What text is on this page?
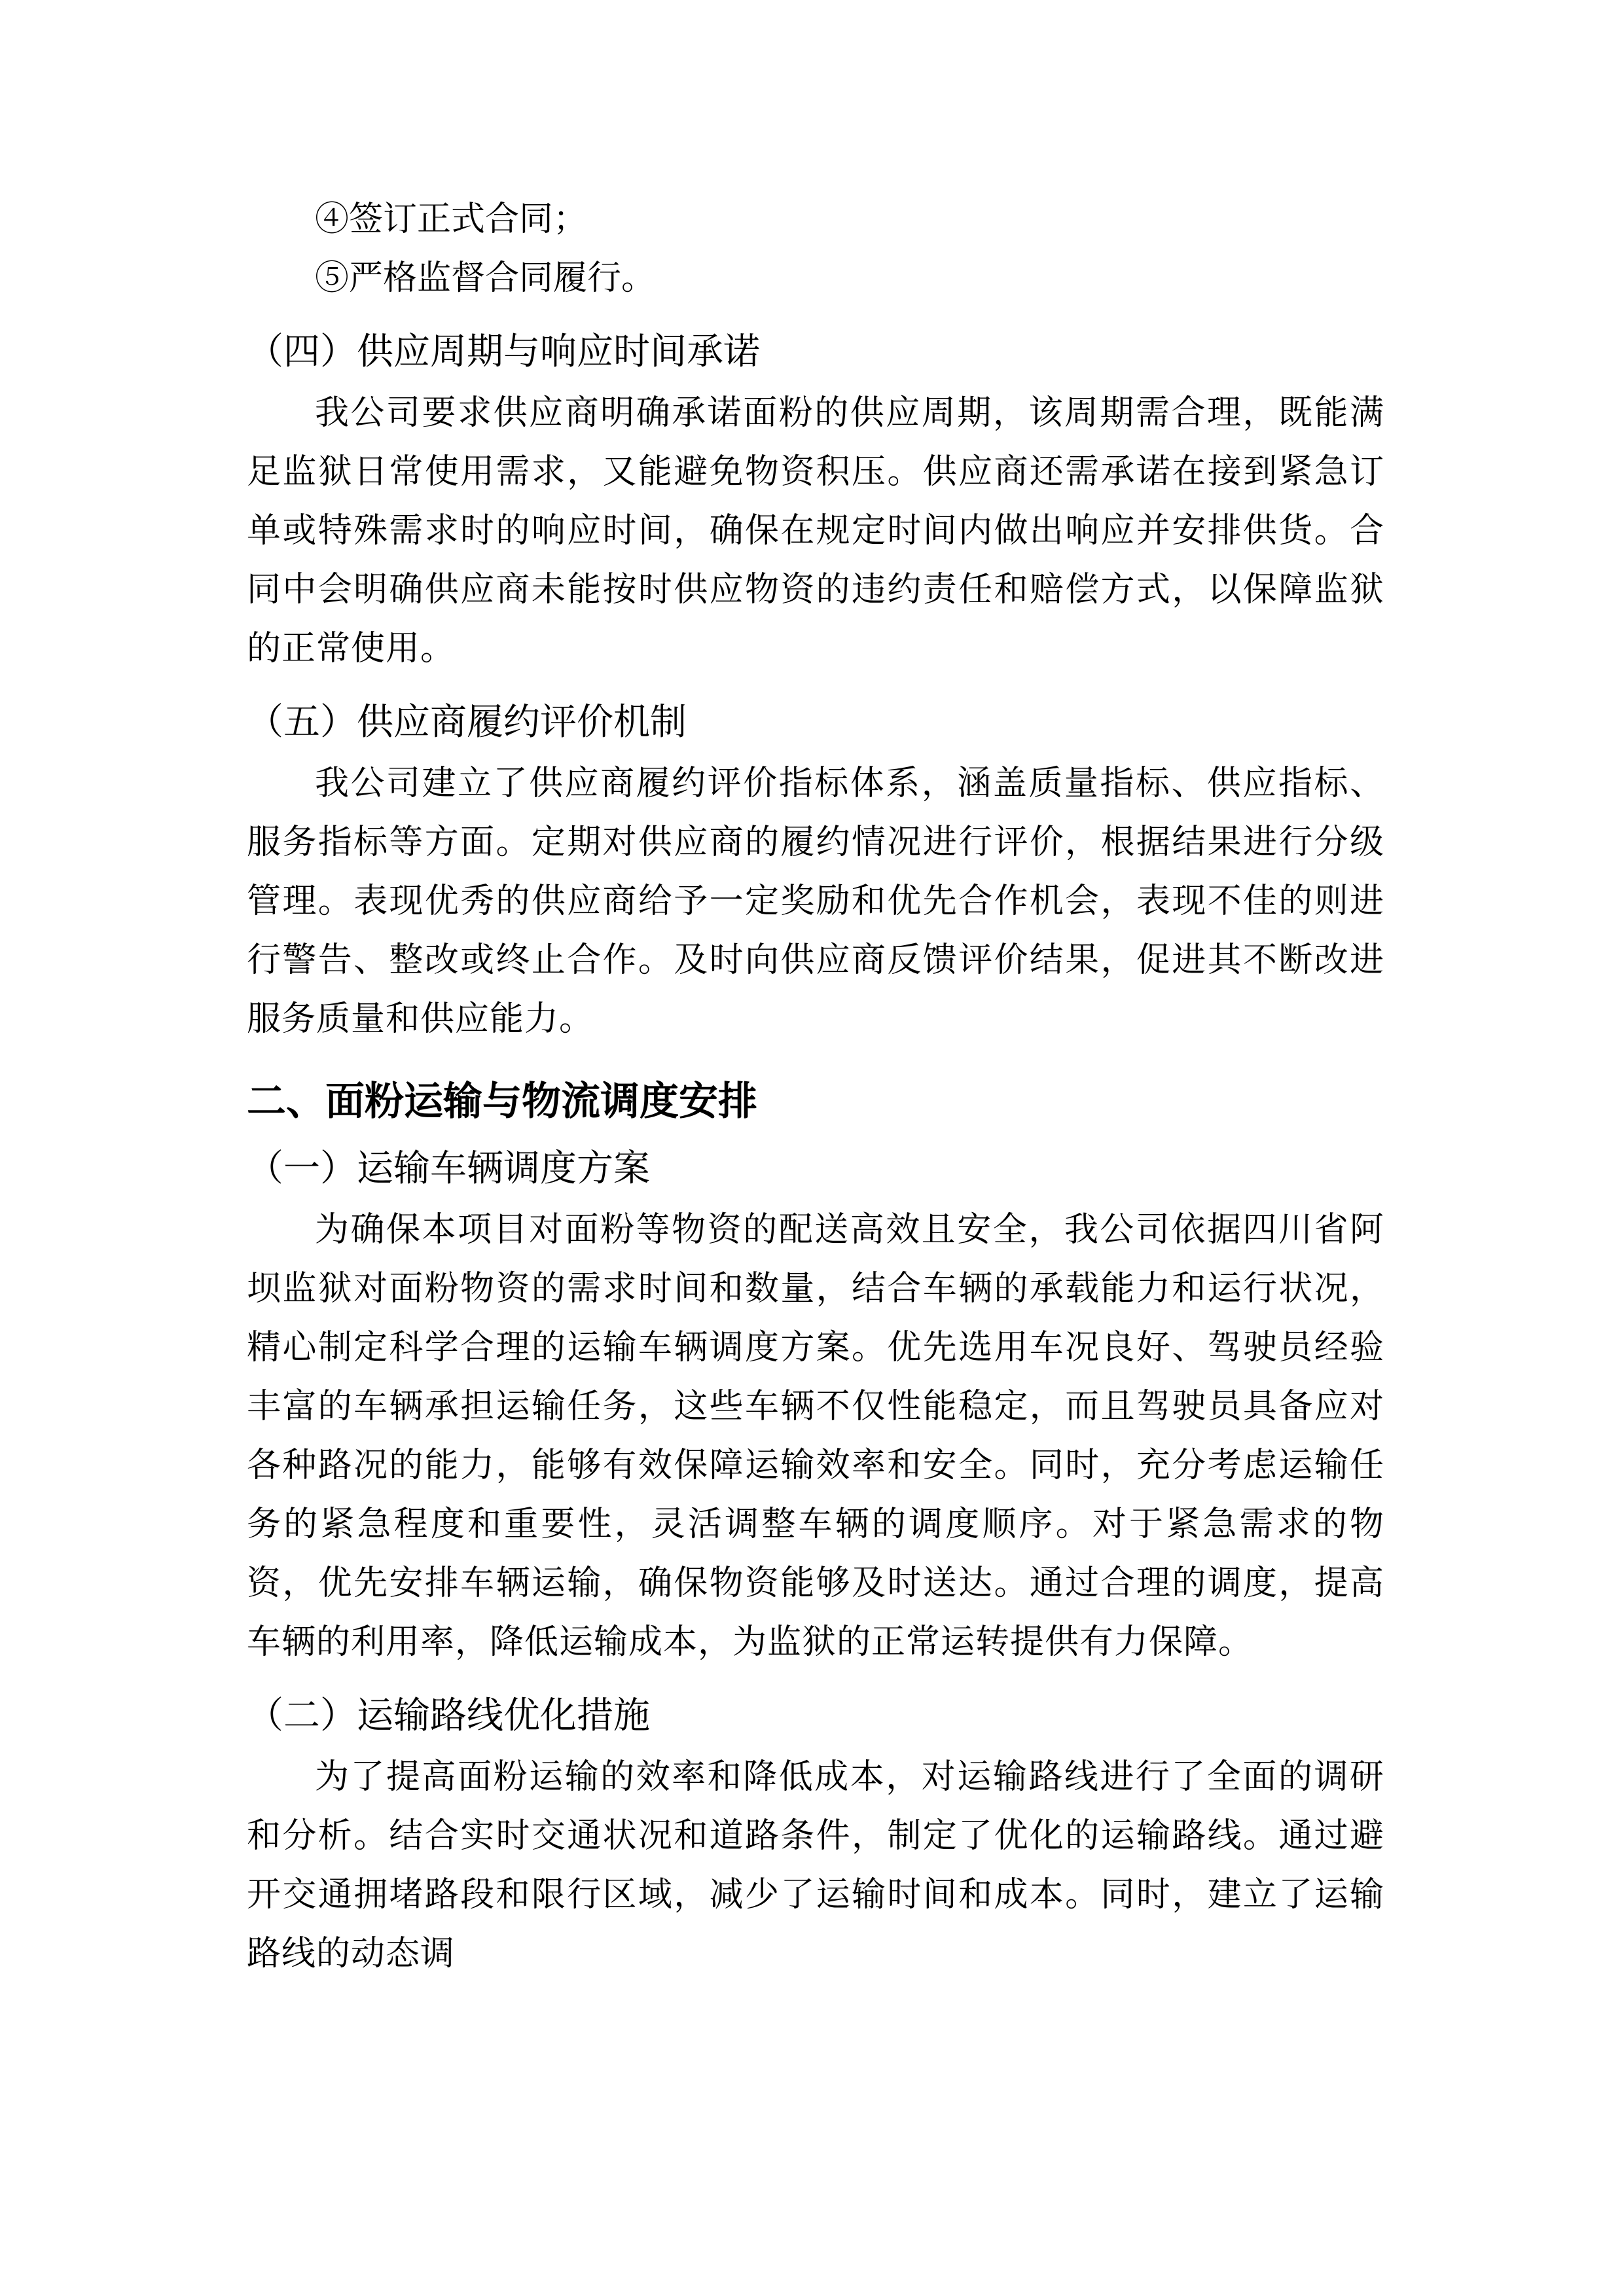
④签订正式合同；

⑤严格监督合同履行。

（四）供应周期与响应时间承诺

我公司要求供应商明确承诺面粉的供应周期，该周期需合理，既能满足监狱日常使用需求，又能避免物资积压。供应商还需承诺在接到紧急订单或特殊需求时的响应时间，确保在规定时间内做出响应并安排供货。合同中会明确供应商未能按时供应物资的违约责任和赔偿方式，以保障监狱的正常使用。

（五）供应商履约评价机制

我公司建立了供应商履约评价指标体系，涵盖质量指标、供应指标、服务指标等方面。定期对供应商的履约情况进行评价，根据结果进行分级管理。表现优秀的供应商给予一定奖励和优先合作机会，表现不佳的则进行警告、整改或终止合作。及时向供应商反馈评价结果，促进其不断改进服务质量和供应能力。

二、面粉运输与物流调度安排
（一）运输车辆调度方案

为确保本项目对面粉等物资的配送高效且安全，我公司依据四川省阿坝监狱对面粉物资的需求时间和数量，结合车辆的承载能力和运行状况，精心制定科学合理的运输车辆调度方案。优先选用车况良好、驾驶员经验丰富的车辆承担运输任务，这些车辆不仅性能稳定，而且驾驶员具备应对各种路况的能力，能够有效保障运输效率和安全。同时，充分考虑运输任务的紧急程度和重要性，灵活调整车辆的调度顺序。对于紧急需求的物资，优先安排车辆运输，确保物资能够及时送达。通过合理的调度，提高车辆的利用率，降低运输成本，为监狱的正常运转提供有力保障。

（二）运输路线优化措施

为了提高面粉运输的效率和降低成本，对运输路线进行了全面的调研和分析。结合实时交通状况和道路条件，制定了优化的运输路线。通过避开交通拥堵路段和限行区域，减少了运输时间和成本。同时，建立了运输路线的动态调
